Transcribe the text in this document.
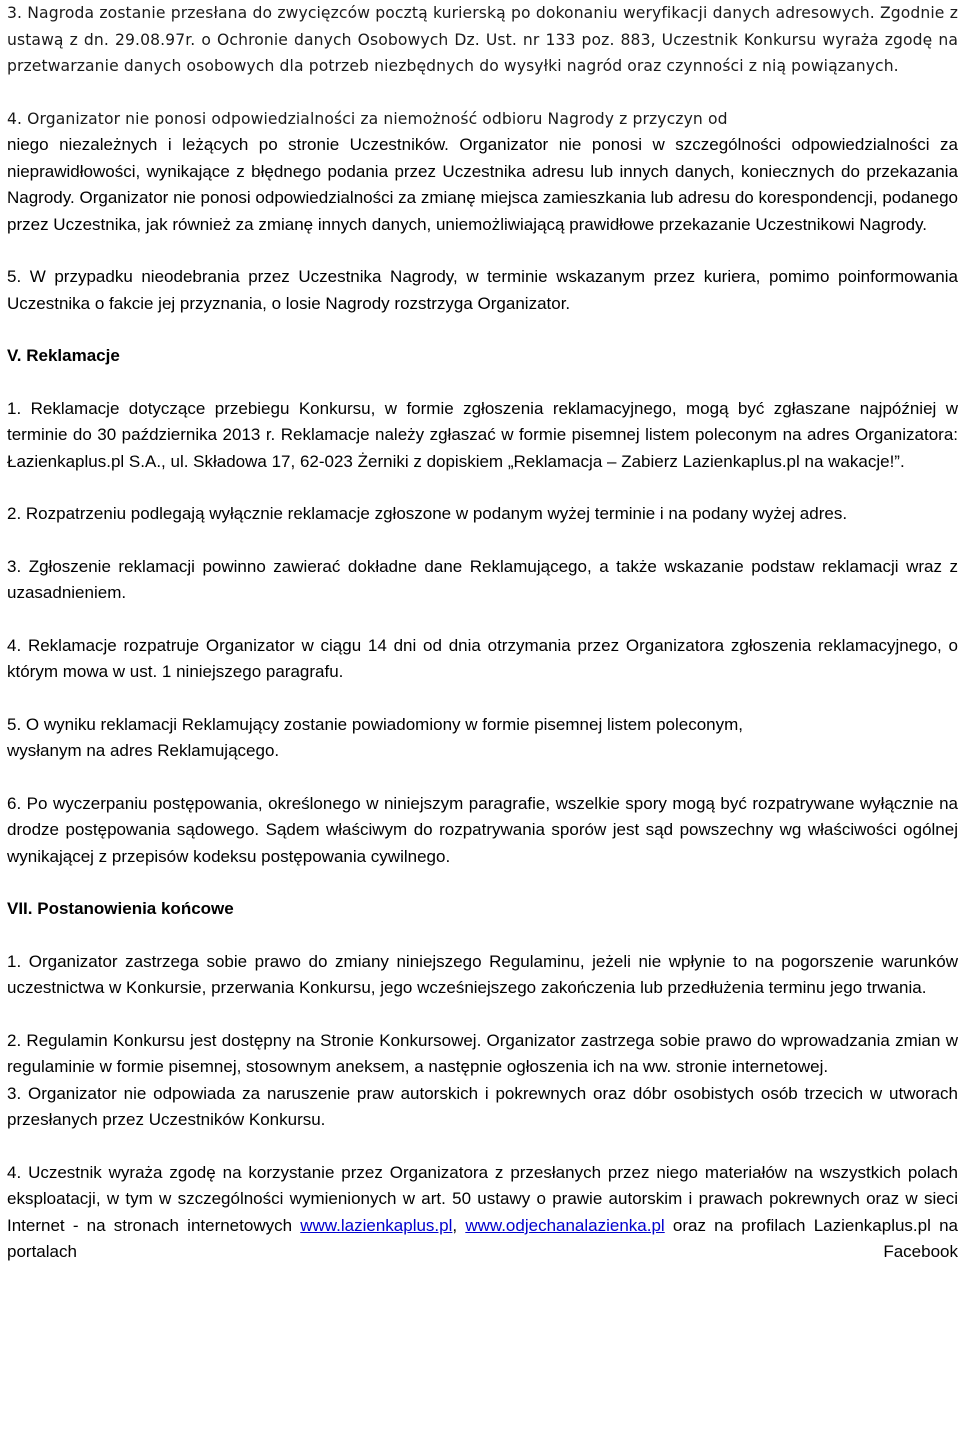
3. Nagroda zostanie przesłana do zwycięzców pocztą kurierską po dokonaniu weryfikacji danych adresowych. Zgodnie z ustawą z dn. 29.08.97r. o Ochronie danych Osobowych Dz. Ust. nr 133 poz. 883, Uczestnik Konkursu wyraża zgodę na przetwarzanie danych osobowych dla potrzeb niezbędnych do wysyłki nagród oraz czynności z nią powiązanych.

4. Organizator nie ponosi odpowiedzialności za niemożność odbioru Nagrody z przyczyn od
niego niezależnych i leżących po stronie Uczestników. Organizator nie ponosi w szczególności odpowiedzialności za nieprawidłowości, wynikające z błędnego podania przez Uczestnika adresu lub innych danych, koniecznych do przekazania Nagrody. Organizator nie ponosi odpowiedzialności za zmianę miejsca zamieszkania lub adresu do korespondencji, podanego przez Uczestnika, jak również za zmianę innych danych, uniemożliwiającą prawidłowe przekazanie Uczestnikowi Nagrody.

5. W przypadku nieodebrania przez Uczestnika Nagrody, w terminie wskazanym przez kuriera, pomimo poinformowania Uczestnika o fakcie jej przyznania, o losie Nagrody rozstrzyga Organizator.

V. Reklamacje

1. Reklamacje dotyczące przebiegu Konkursu, w formie zgłoszenia reklamacyjnego, mogą być zgłaszane najpóźniej w terminie do 30 października 2013 r. Reklamacje należy zgłaszać w formie pisemnej listem poleconym na adres Organizatora: Łazienkaplus.pl S.A., ul. Składowa 17, 62-023 Żerniki z dopiskiem „Reklamacja – Zabierz Lazienkaplus.pl na wakacje!”.

2. Rozpatrzeniu podlegają wyłącznie reklamacje zgłoszone w podanym wyżej terminie i na podany wyżej adres.

3. Zgłoszenie reklamacji powinno zawierać dokładne dane Reklamującego, a także wskazanie podstaw reklamacji wraz z uzasadnieniem.

4. Reklamacje rozpatruje Organizator w ciągu 14 dni od dnia otrzymania przez Organizatora zgłoszenia reklamacyjnego, o którym mowa w ust. 1 niniejszego paragrafu.

5. O wyniku reklamacji Reklamujący zostanie powiadomiony w formie pisemnej listem poleconym,
wysłanym na adres Reklamującego.

6. Po wyczerpaniu postępowania, określonego w niniejszym paragrafie, wszelkie spory mogą być rozpatrywane wyłącznie na drodze postępowania sądowego. Sądem właściwym do rozpatrywania sporów jest sąd powszechny wg właściwości ogólnej wynikającej z przepisów kodeksu postępowania cywilnego.

VII. Postanowienia końcowe

1. Organizator zastrzega sobie prawo do zmiany niniejszego Regulaminu, jeżeli nie wpłynie to na pogorszenie warunków uczestnictwa w Konkursie, przerwania Konkursu, jego wcześniejszego zakończenia lub przedłużenia terminu jego trwania.

2. Regulamin Konkursu jest dostępny na Stronie Konkursowej. Organizator zastrzega sobie prawo do wprowadzania zmian w regulaminie w formie pisemnej, stosownym aneksem, a następnie ogłoszenia ich na ww. stronie internetowej.

3. Organizator nie odpowiada za naruszenie praw autorskich i pokrewnych oraz dóbr osobistych osób trzecich w utworach przesłanych przez Uczestników Konkursu.

4. Uczestnik wyraża zgodę na korzystanie przez Organizatora z przesłanych przez niego materiałów na wszystkich polach eksploatacji, w tym w szczególności wymienionych w art. 50 ustawy o prawie autorskim i prawach pokrewnych oraz w sieci Internet - na stronach internetowych www.lazienkaplus.pl, www.odjechanalazienka.pl oraz na profilach Lazienkaplus.pl na portalach Facebook
